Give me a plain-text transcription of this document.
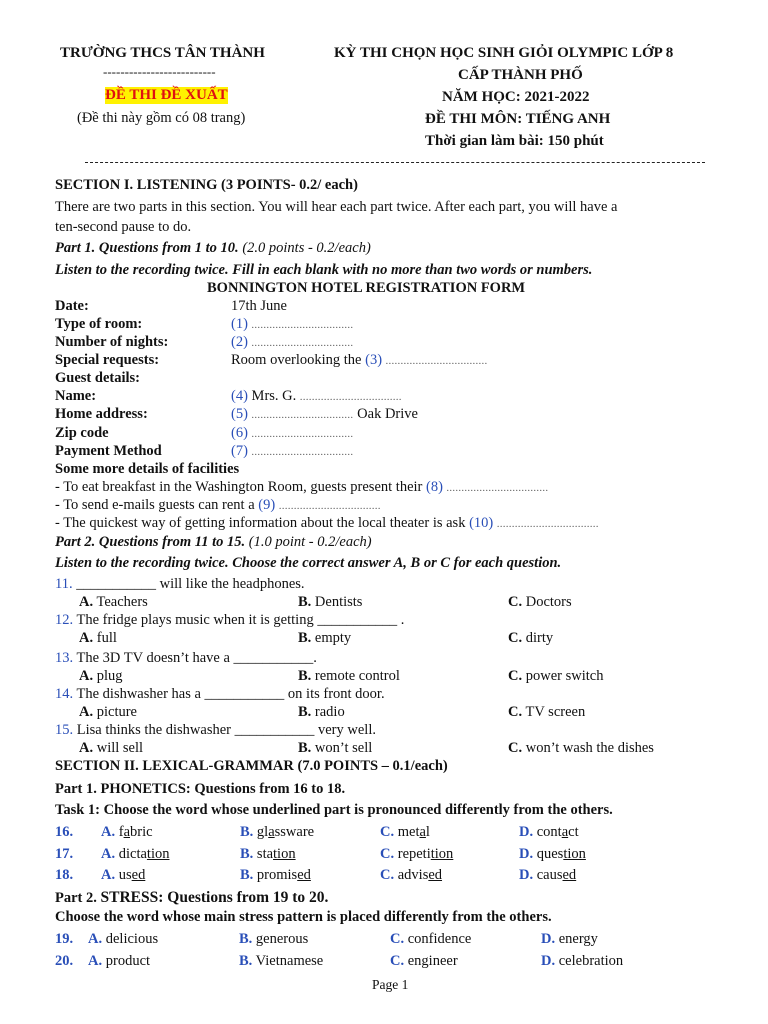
TRƯỜNG THCS TÂN THÀNH
--------------------------
ĐỀ THI ĐỀ XUẤT
(Đề thi này gồm có 08 trang)
KỲ THI CHỌN HỌC SINH GIỎI OLYMPIC LỚP 8
CẤP THÀNH PHỐ
NĂM HỌC: 2021-2022
ĐỀ THI MÔN: TIẾNG ANH
Thời gian làm bài: 150 phút
SECTION I. LISTENING (3 POINTS- 0.2/ each)
There are two parts in this section. You will hear each part twice. After each part, you will have a
ten-second pause to do.
Part 1. Questions from 1 to 10. (2.0 points - 0.2/each)
Listen to the recording twice. Fill in each blank with no more than two words or numbers.
BONNINGTON HOTEL REGISTRATION FORM
Date:	17th June
Type of room:	(1) ..................................
Number of nights:	(2) ..................................
Special requests:	Room overlooking the (3) ..................................
Guest details:
Name:	(4) Mrs. G. ..................................
Home address:	(5) .................................. Oak Drive
Zip code	(6) ..................................
Payment Method	(7) ..................................
Some more details of facilities
- To eat breakfast in the Washington Room, guests present their (8) ..................................
- To send e-mails guests can rent a (9) ..................................
- The quickest way of getting information about the local theater is ask (10) ..................................
Part 2. Questions from 11 to 15. (1.0 point - 0.2/each)
Listen to the recording twice. Choose the correct answer A, B or C for each question.
11. ___________ will like the headphones.
A. Teachers	B. Dentists	C. Doctors
12. The fridge plays music when it is getting ___________ .
A. full	B. empty	C. dirty
13. The 3D TV doesn’t have a ___________.
A. plug	B. remote control	C. power switch
14. The dishwasher has a ___________ on its front door.
A. picture	B. radio	C. TV screen
15. Lisa thinks the dishwasher ___________ very well.
A. will sell	B. won’t sell	C. won’t wash the dishes
SECTION II. LEXICAL-GRAMMAR (7.0 POINTS – 0.1/each)
Part 1. PHONETICS: Questions from 16 to 18.
Task 1: Choose the word whose underlined part is pronounced differently from the others.
16. A. fabric	B. glassware	C. metal	D. contact
17. A. dictation	B. station	C. repetition	D. question
18. A. used	B. promised	C. advised	D. caused
Part 2. STRESS: Questions from 19 to 20.
Choose the word whose main stress pattern is placed differently from the others.
19. A. delicious	B. generous	C. confidence	D. energy
20. A. product	B. Vietnamese	C. engineer	D. celebration
Page 1
